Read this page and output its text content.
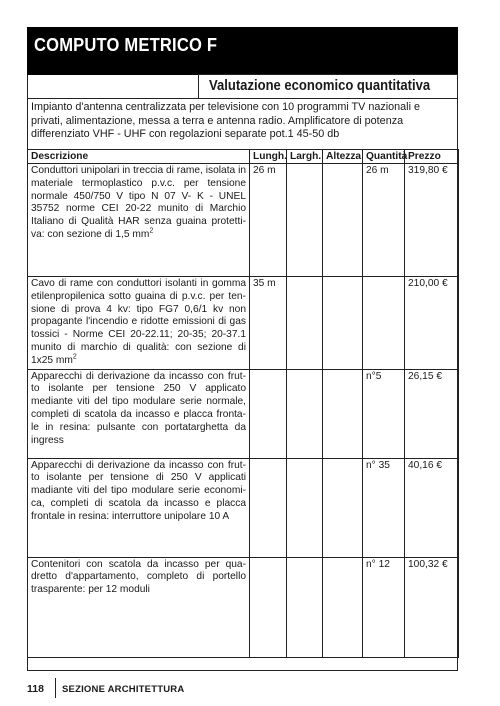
COMPUTO METRICO F
Valutazione economico quantitativa
Impianto d'antenna centralizzata per televisione con 10 programmi TV nazionali e privati, alimentazione, messa a terra e antenna radio. Amplificatore di potenza differenziato VHF - UHF con regolazioni separate pot.1 45-50 db
Descrizione	Lungh.	Largh.	Altezza	Quantità	Prezzo
Conduttori unipolari in treccia di rame, isolata in materiale termoplastico p.v.c. per tensione normale 450/750 V tipo N 07 V- K - UNEL 35752 norme CEI 20-22 munito di Marchio Italiano di Qualità HAR senza guaina protetti- va: con sezione di 1,5 $mm^2$	26 m			26 m	319,80 €
Cavo di rame con conduttori isolanti in gomma etilenpropilenica sotto guaina di p.v.c. per ten- sione di prova 4 kv: tipo FG7 0,6/1 kv non propagante l'incendio e ridotte emissioni di gas tossici - Norme CEI 20-22.11; 20-35; 20-37.1 munito di marchio di qualità: con sezione di 1x25 $mm^2$	35 m				210,00 €
Apparecchi di derivazione da incasso con frut- to isolante per tensione 250 V applicato mediante viti del tipo modulare serie normale, completi di scatola da incasso e placca fronta- le in resina: pulsante con portatarghetta da ingress				n°5	26,15 €
Apparecchi di derivazione da incasso con frut- to isolante per tensione di 250 V applicati madiante viti del tipo modulare serie economi- ca, completi di scatola da incasso e placca frontale in resina: interruttore unipolare 10 A				n° 35	40,16 €
Contenitori con scatola da incasso per qua- dretto d'appartamento, completo di portello trasparente: per 12 moduli				n° 12	100,32 €
118 SEZIONE ARCHITETTURA
